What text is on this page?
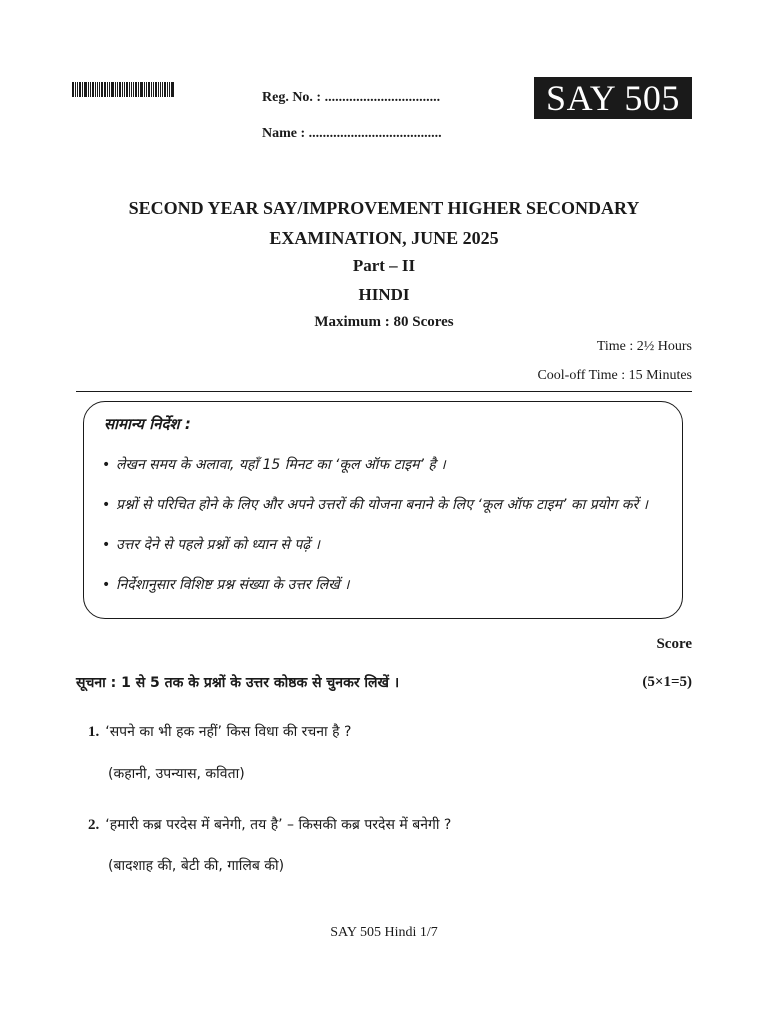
Reg. No. : .................................
Name : ......................................
SAY 505
SECOND YEAR SAY/IMPROVEMENT HIGHER SECONDARY
EXAMINATION, JUNE 2025
Part – II
HINDI
Maximum : 80 Scores
Time : 2½ Hours
Cool-off Time : 15 Minutes
सामान्य निर्देश :
• लेखन समय के अलावा, यहाँ 15 मिनट का ‘कूल ऑफ टाइम’ है ।
• प्रश्नों से परिचित होने के लिए और अपने उत्तरों की योजना बनाने के लिए ‘कूल ऑफ टाइम’ का प्रयोग करें ।
• उत्तर देने से पहले प्रश्नों को ध्यान से पढ़ें ।
• निर्देशानुसार विशिष्ट प्रश्न संख्या के उत्तर लिखें ।
Score
सूचना : 1 से 5 तक के प्रश्नों के उत्तर कोष्ठक से चुनकर लिखें ।	(5×1=5)
1. ‘सपने का भी हक नहीं’ किस विधा की रचना है ?
(कहानी, उपन्यास, कविता)
2. ‘हमारी कब्र परदेस में बनेगी, तय है’ – किसकी कब्र परदेस में बनेगी ?
(बादशाह की, बेटी की, गालिब की)
SAY 505 Hindi 1/7
